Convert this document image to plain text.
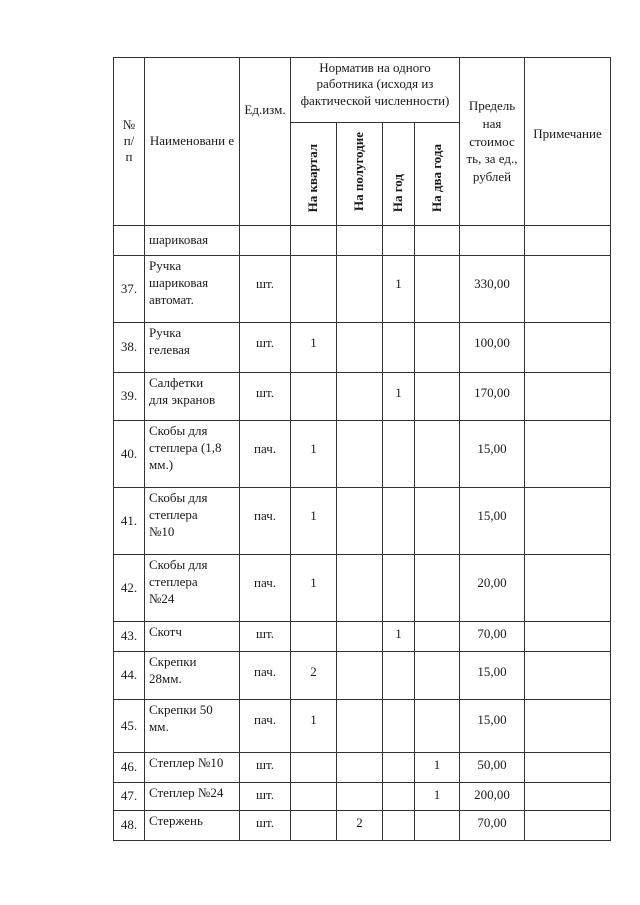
№ п/ п	Наименовани е	Ед.изм.	Норматив на одного работника (исходя из фактической численности)				Предель ная стоимос ть, за ед., рублей	Примечание
			На квартал	На полугодие	На год	На два года		
	шариковая							
37.	Ручка
шариковая
автомат.	шт.			1		330,00	
38.	Ручка
гелевая	шт.	1				100,00	
39.	Салфетки
для экранов	шт.			1		170,00	
40.	Скобы для
степлера (1,8
мм.)	пач.	1				15,00	
41.	Скобы для
степлера
№10	пач.	1				15,00	
42.	Скобы для
степлера
№24	пач.	1				20,00	
43.	Скотч	шт.			1		70,00	
44.	Скрепки
28мм.	пач.	2				15,00	
45.	Скрепки 50
мм.	пач.	1				15,00	
46.	Степлер №10	шт.				1	50,00	
47.	Степлер №24	шт.				1	200,00	
48.	Стержень	шт.		2			70,00	
